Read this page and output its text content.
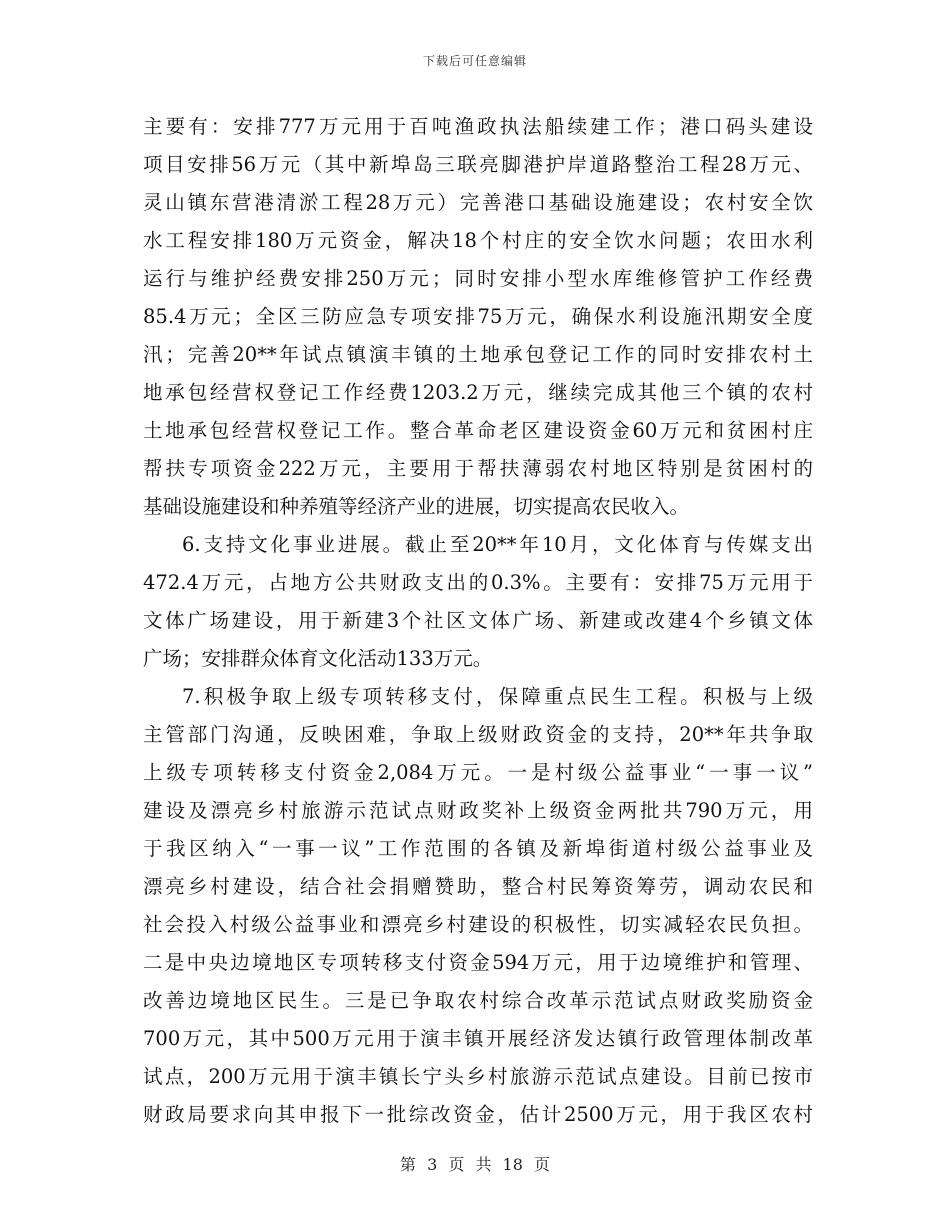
下载后可任意编辑
主要有：安排777万元用于百吨渔政执法船续建工作；港口码头建设
项目安排56万元（其中新埠岛三联亮脚港护岸道路整治工程28万元、
灵山镇东营港清淤工程28万元）完善港口基础设施建设；农村安全饮
水工程安排180万元资金，解决18个村庄的安全饮水问题；农田水利
运行与维护经费安排250万元；同时安排小型水库维修管护工作经费
85.4万元；全区三防应急专项安排75万元，确保水利设施汛期安全度
汛；完善20**年试点镇演丰镇的土地承包登记工作的同时安排农村土
地承包经营权登记工作经费1203.2万元，继续完成其他三个镇的农村
土地承包经营权登记工作。整合革命老区建设资金60万元和贫困村庄
帮扶专项资金222万元，主要用于帮扶薄弱农村地区特别是贫困村的
基础设施建设和种养殖等经济产业的进展，切实提高农民收入。
6.支持文化事业进展。截止至20**年10月，文化体育与传媒支出
472.4万元，占地方公共财政支出的0.3%。主要有：安排75万元用于
文体广场建设，用于新建3个社区文体广场、新建或改建4个乡镇文体
广场；安排群众体育文化活动133万元。
7.积极争取上级专项转移支付，保障重点民生工程。积极与上级
主管部门沟通，反映困难，争取上级财政资金的支持，20**年共争取
上级专项转移支付资金2,084万元。一是村级公益事业“一事一议”
建设及漂亮乡村旅游示范试点财政奖补上级资金两批共790万元，用
于我区纳入“一事一议”工作范围的各镇及新埠街道村级公益事业及
漂亮乡村建设，结合社会捐赠赞助，整合村民筹资筹劳，调动农民和
社会投入村级公益事业和漂亮乡村建设的积极性，切实减轻农民负担。
二是中央边境地区专项转移支付资金594万元，用于边境维护和管理、
改善边境地区民生。三是已争取农村综合改革示范试点财政奖励资金
700万元，其中500万元用于演丰镇开展经济发达镇行政管理体制改革
试点，200万元用于演丰镇长宁头乡村旅游示范试点建设。目前已按市
财政局要求向其申报下一批综改资金，估计2500万元，用于我区农村
第 3 页 共 18 页
